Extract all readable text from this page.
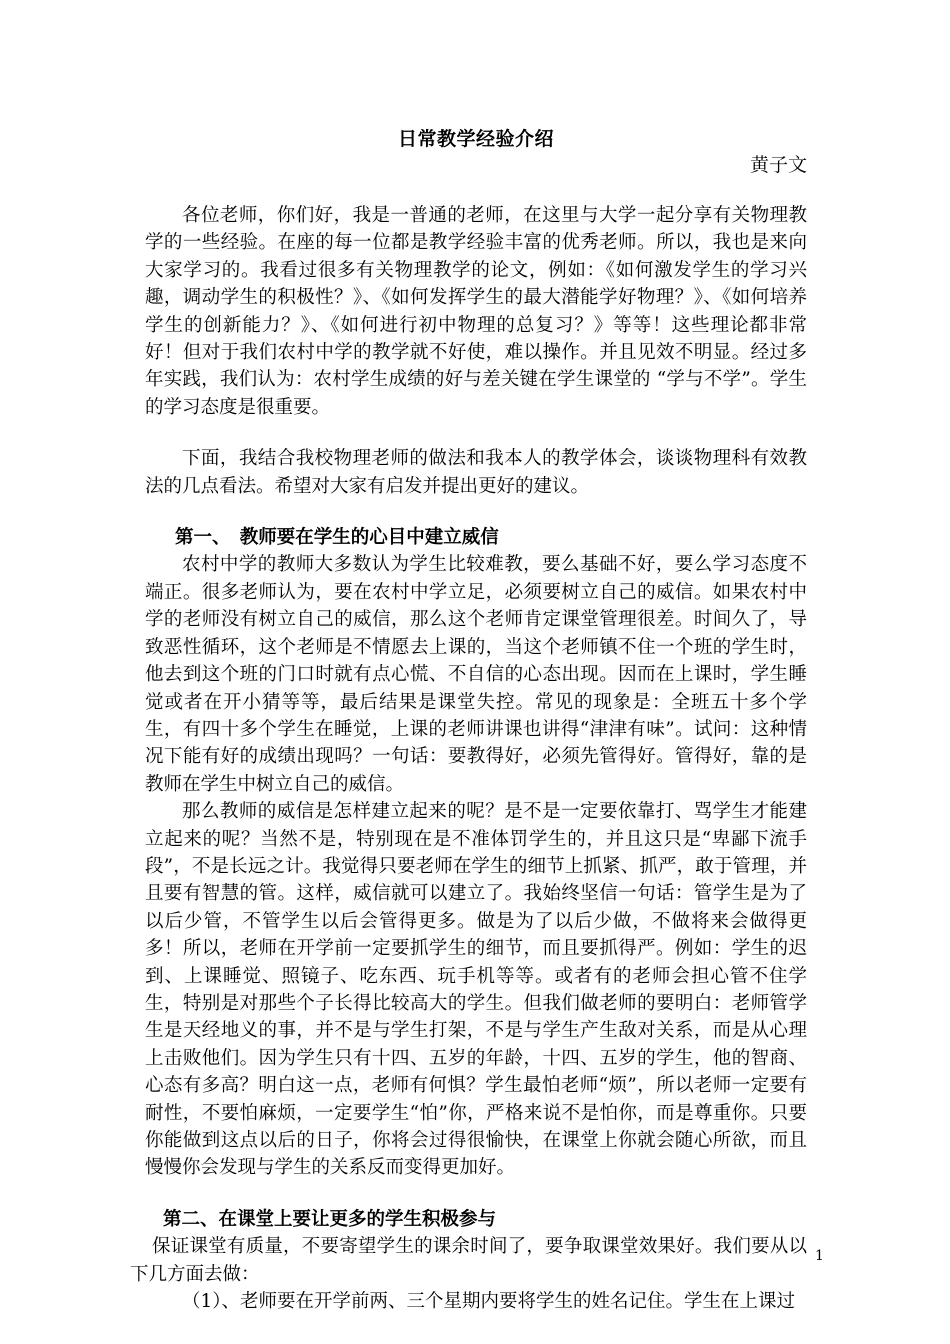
日常教学经验介绍
黄子文

各位老师，你们好，我是一普通的老师，在这里与大学一起分享有关物理教学的一些经验。在座的每一位都是教学经验丰富的优秀老师。所以，我也是来向大家学习的。我看过很多有关物理教学的论文，例如：《如何激发学生的学习兴趣，调动学生的积极性？》、《如何发挥学生的最大潜能学好物理？》、《如何培养学生的创新能力？》、《如何进行初中物理的总复习？》等等！这些理论都非常好！但对于我们农村中学的教学就不好使，难以操作。并且见效不明显。经过多年实践，我们认为：农村学生成绩的好与差关键在学生课堂的 “学与不学”。学生的学习态度是很重要。

下面，我结合我校物理老师的做法和我本人的教学体会，谈谈物理科有效教法的几点看法。希望对大家有启发并提出更好的建议。

第一、　教师要在学生的心目中建立威信

农村中学的教师大多数认为学生比较难教，要么基础不好，要么学习态度不端正。很多老师认为，要在农村中学立足，必须要树立自己的威信。如果农村中学的老师没有树立自己的威信，那么这个老师肯定课堂管理很差。时间久了，导致恶性循环，这个老师是不情愿去上课的，当这个老师镇不住一个班的学生时，他去到这个班的门口时就有点心慌、不自信的心态出现。因而在上课时，学生睡觉或者在开小猜等等，最后结果是课堂失控。常见的现象是：全班五十多个学生，有四十多个学生在睡觉，上课的老师讲课也讲得“津津有味”。试问：这种情况下能有好的成绩出现吗？一句话：要教得好，必须先管得好。管得好，靠的是教师在学生中树立自己的威信。

那么教师的威信是怎样建立起来的呢？是不是一定要依靠打、骂学生才能建立起来的呢？当然不是，特别现在是不准体罚学生的，并且这只是“卑鄙下流手段”，不是长远之计。我觉得只要老师在学生的细节上抓紧、抓严，敢于管理，并且要有智慧的管。这样，威信就可以建立了。我始终坚信一句话：管学生是为了以后少管，不管学生以后会管得更多。做是为了以后少做，不做将来会做得更多！所以，老师在开学前一定要抓学生的细节，而且要抓得严。例如：学生的迟到、上课睡觉、照镜子、吃东西、玩手机等等。或者有的老师会担心管不住学生，特别是对那些个子长得比较高大的学生。但我们做老师的要明白：老师管学生是天经地义的事，并不是与学生打架，不是与学生产生敌对关系，而是从心理上击败他们。因为学生只有十四、五岁的年龄，十四、五岁的学生，他的智商、心态有多高？明白这一点，老师有何惧？学生最怕老师“烦”，所以老师一定要有耐性，不要怕麻烦，一定要学生“怕”你，严格来说不是怕你，而是尊重你。只要你能做到这点以后的日子，你将会过得很愉快，在课堂上你就会随心所欲，而且慢慢你会发现与学生的关系反而变得更加好。

第二、在课堂上要让更多的学生积极参与

保证课堂有质量，不要寄望学生的课余时间了，要争取课堂效果好。我们要从以下几方面去做：

（1）、老师要在开学前两、三个星期内要将学生的姓名记住。学生在上课过

1
